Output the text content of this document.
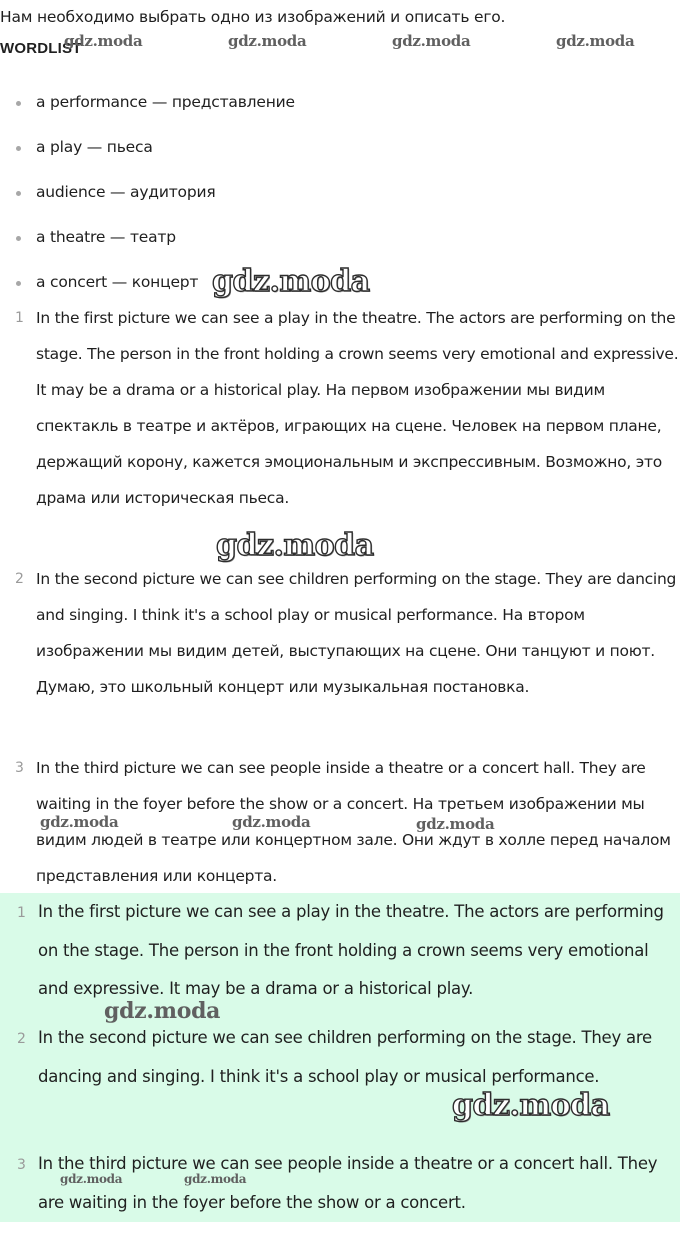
Нам необходимо выбрать одно из изображений и описать его.
WORDLIST
gdz.moda	gdz.moda	gdz.moda	gdz.moda
a performance — представление
a play — пьеса
audience — аудитория
a theatre — театр
a concert — концерт
1 In the first picture we can see a play in the theatre. The actors are performing on the stage. The person in the front holding a crown seems very emotional and expressive. It may be a drama or a historical play. На первом изображении мы видим спектакль в театре и актёров, играющих на сцене. Человек на первом плане, держащий корону, кажется эмоциональным и экспрессивным. Возможно, это драма или историческая пьеса.
2 In the second picture we can see children performing on the stage. They are dancing and singing. I think it's a school play or musical performance. На втором изображении мы видим детей, выступающих на сцене. Они танцуют и поют. Думаю, это школьный концерт или музыкальная постановка.
3 In the third picture we can see people inside a theatre or a concert hall. They are waiting in the foyer before the show or a concert. На третьем изображении мы видим людей в театре или концертном зале. Они ждут в холле перед началом представления или концерта.
1 In the first picture we can see a play in the theatre. The actors are performing on the stage. The person in the front holding a crown seems very emotional and expressive. It may be a drama or a historical play.
2 In the second picture we can see children performing on the stage. They are dancing and singing. I think it's a school play or musical performance.
3 In the third picture we can see people inside a theatre or a concert hall. They are waiting in the foyer before the show or a concert.
gdz.moda
gdz.moda
gdz.moda	gdz.moda	gdz.moda
gdz.moda
gdz.moda
gdz.moda	gdz.moda
